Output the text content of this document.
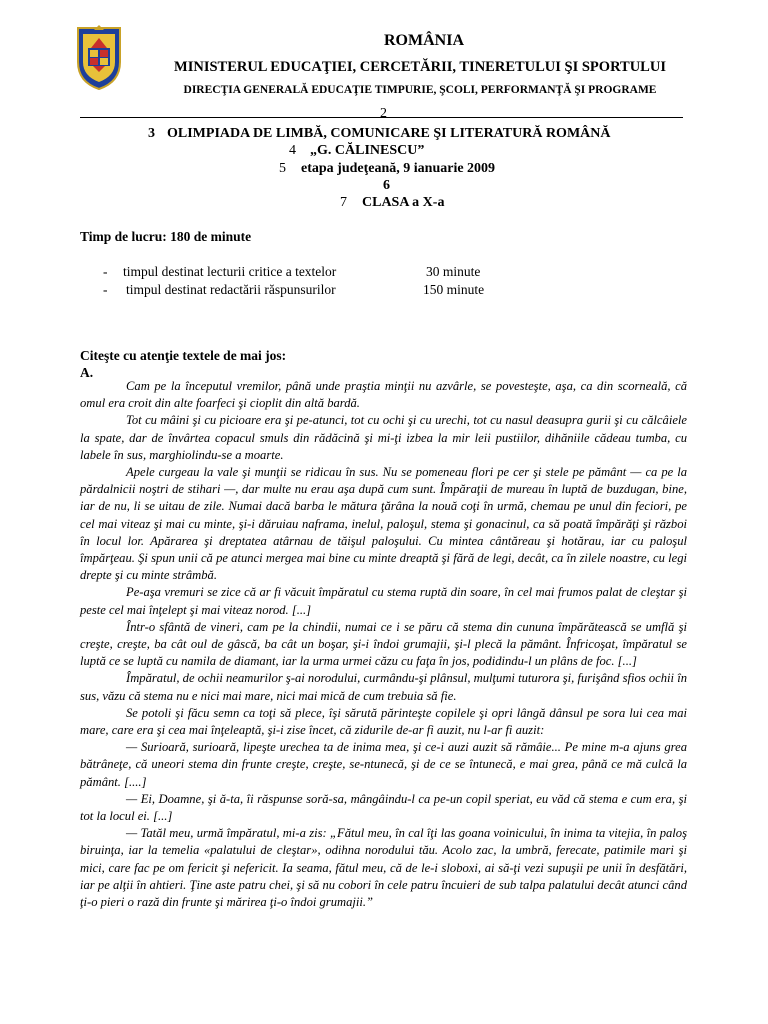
ROMÂNIA
MINISTERUL EDUCAŢIEI, CERCETĂRII, TINERETULUI ŞI SPORTULUI
DIRECŢIA GENERALĂ EDUCAŢIE TIMPURIE, ŞCOLI, PERFORMANŢĂ ŞI PROGRAME
2
3 OLIMPIADA DE LIMBĂ, COMUNICARE ŞI LITERATURĂ ROMÂNĂ
4 „G. CĂLINESCU”
5 etapa judeţeană, 9 ianuarie 2009
6
7 CLASA a X-a
Timp de lucru: 180 de minute
- timpul destinat lecturii critice a textelor	30 minute
- timpul destinat redactării răspunsurilor	150 minute
Citeşte cu atenţie textele de mai jos:
A.

Cam pe la începutul vremilor, până unde praştia minţii nu azvârle, se povesteşte, aşa, ca din scorneală, că omul era croit din alte foarfeci şi cioplit din altă bardă.

Tot cu mâini şi cu picioare era şi pe-atunci, tot cu ochi şi cu urechi, tot cu nasul deasupra gurii şi cu călcâiele la spate, dar de învârtea copacul smuls din rădăcină şi mi-ţi izbea la mir leii pustiilor, dihăniile cădeau tumba, cu labele în sus, marghiolindu-se a moarte.

Apele curgeau la vale şi munţii se ridicau în sus. Nu se pomeneau flori pe cer şi stele pe pământ — ca pe la părdalnicii noştri de stihari —, dar multe nu erau aşa după cum sunt. Împăraţii de mureau în luptă de buzdugan, bine, iar de nu, li se uitau de zile. Numai dacă barba le mătura ţărâna la nouă coţi în urmă, chemau pe unul din feciori, pe cel mai viteaz şi mai cu minte, şi-i dăruiau naframa, inelul, paloşul, stema şi gonacinul, ca să poată împărăţi şi război în locul lor. Apărarea şi dreptatea atârnau de tăişul paloşului. Cu mintea cântăreau şi hotărau, iar cu paloşul împărţeau. Şi spun unii că pe atunci mergea mai bine cu minte dreaptă şi fără de legi, decât, ca în zilele noastre, cu legi drepte şi cu minte strâmbă.

Pe-aşa vremuri se zice că ar fi văcuit împăratul cu stema ruptă din soare, în cel mai frumos palat de cleştar şi peste cel mai înţelept şi mai viteaz norod. [...]

Într-o sfântă de vineri, cam pe la chindii, numai ce i se păru că stema din cununa împărătească se umflă şi creşte, creşte, ba cât oul de gâscă, ba cât un boşar, şi-i îndoi grumajii, şi-l plecă la pământ. Înfricoşat, împăratul se luptă ce se luptă cu namila de diamant, iar la urma urmei căzu cu faţa în jos, podidindu-l un plâns de foc. [...]

Împăratul, de ochii neamurilor ş-ai norodului, curmându-şi plânsul, mulţumi tuturora şi, furişând sfios ochii în sus, văzu că stema nu e nici mai mare, nici mai mică de cum trebuia să fie.

Se potoli şi făcu semn ca toţi să plece, îşi sărută părinteşte copilele şi opri lângă dânsul pe sora lui cea mai mare, care era şi cea mai înţeleaptă, şi-i zise încet, că zidurile de-ar fi auzit, nu l-ar fi auzit:

— Surioară, surioară, lipeşte urechea ta de inima mea, şi ce-i auzi auzit să rămâie... Pe mine m-a ajuns grea bătrâneţe, că uneori stema din frunte creşte, creşte, se-ntunecă, şi de ce se întunecă, e mai grea, până ce mă culcă la pământ. [....]

— Ei, Doamne, şi ă-ta, îi răspunse soră-sa, mângâindu-l ca pe-un copil speriat, eu văd că stema e cum era, şi tot la locul ei. [...]

— Tatăl meu, urmă împăratul, mi-a zis: „Fătul meu, în cal îţi las goana voinicului, în inima ta vitejia, în paloş biruinţa, iar la temelia «palatului de cleştar», odihna norodului tău. Acolo zac, la umbră, ferecate, patimile mari şi mici, care fac pe om fericit şi nefericit. Ia seama, fătul meu, că de le-i sloboxi, ai să-ţi vezi supuşii pe unii în desfătări, iar pe alţii în ahtieri. Ţine aste patru chei, şi să nu cobori în cele patru încuieri de sub talpa palatului decât atunci când ţi-o pieri o rază din frunte şi mărirea ţi-o îndoi grumajii.”
